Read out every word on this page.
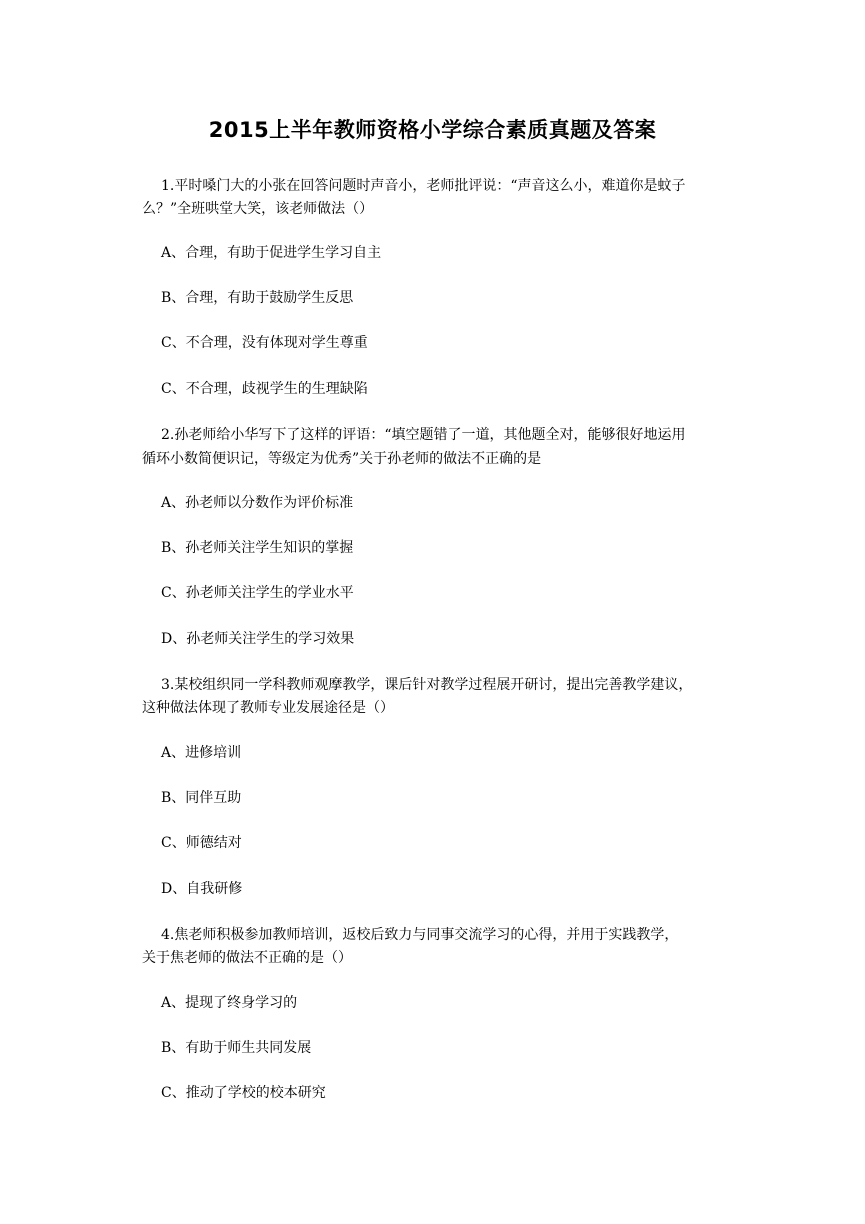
2015上半年教师资格小学综合素质真题及答案
1.平时嗓门大的小张在回答问题时声音小，老师批评说：“声音这么小，难道你是蚊子
么？”全班哄堂大笑，该老师做法（）
A、合理，有助于促进学生学习自主
B、合理，有助于鼓励学生反思
C、不合理，没有体现对学生尊重
C、不合理，歧视学生的生理缺陷
2.孙老师给小华写下了这样的评语：“填空题错了一道，其他题全对，能够很好地运用
循环小数简便识记，等级定为优秀”关于孙老师的做法不正确的是
A、孙老师以分数作为评价标准
B、孙老师关注学生知识的掌握
C、孙老师关注学生的学业水平
D、孙老师关注学生的学习效果
3.某校组织同一学科教师观摩教学，课后针对教学过程展开研讨，提出完善教学建议，
这种做法体现了教师专业发展途径是（）
A、进修培训
B、同伴互助
C、师德结对
D、自我研修
4.焦老师积极参加教师培训，返校后致力与同事交流学习的心得，并用于实践教学，
关于焦老师的做法不正确的是（）
A、提现了终身学习的
B、有助于师生共同发展
C、推动了学校的校本研究
